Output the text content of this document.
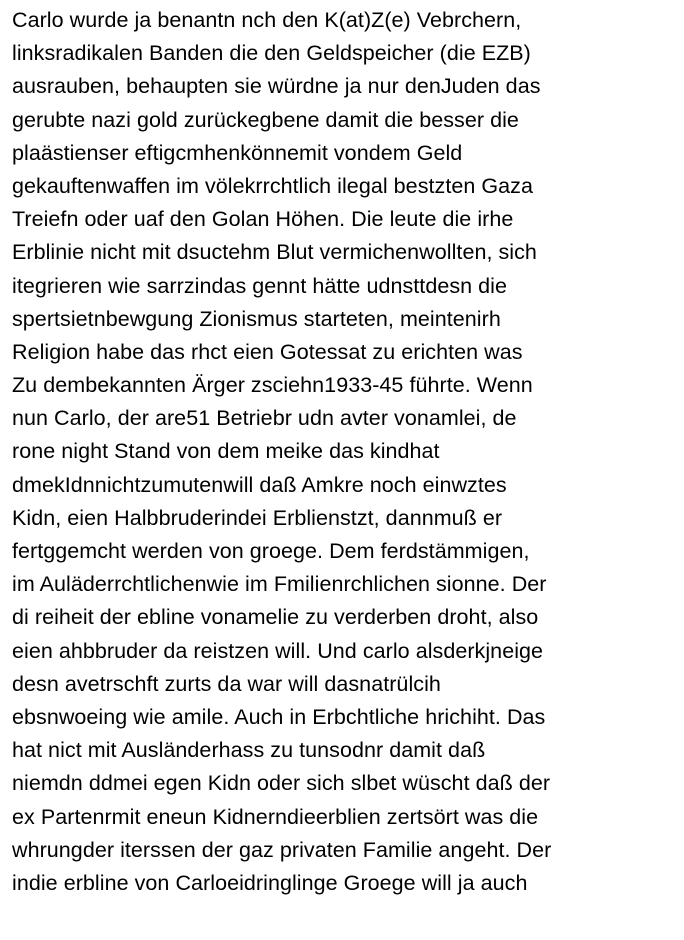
Carlo wurde ja benantn nch den K(at)Z(e) Vebrchern,
linksradikalen Banden die den Geldspeicher (die EZB)
ausrauben, behaupten sie würdne ja nur denJuden das
gerubte nazi gold zurückegbene damit die besser die
plaästienser eftigcmhenkönnemit vondem Geld
gekauftenwaffen im völekrrchtlich ilegal bestzten Gaza
Treiefn oder uaf den Golan Höhen. Die leute die irhe
Erblinie nicht mit dsuctehm Blut vermichenwollten, sich
itegrieren wie sarrzindas gennt hätte udnsttdesn die
spertsietnbewgung Zionismus starteten, meintenirh
Religion habe das rhct eien Gotessat zu erichten was
Zu dembekannten Ärger zsciehn1933-45 führte. Wenn
nun Carlo, der are51 Betriebr udn avter vonamlei, de
rone night Stand von dem meike das kindhat
dmekIdnnichtzumutenwill daß Amkre noch einwztes
Kidn, eien Halbbruderindei Erblienstzt, dannmuß er
fertggemcht werden von groege. Dem ferdstämmigen,
im Auläderrchtlichenwie im Fmilienrchlichen sionne. Der
di reiheit der ebline vonamelie zu verderben droht, also
eien ahbbruder da reistzen will. Und carlo alsderkjneige
desn avetrschft zurts da war will dasnatrülcih
ebsnwoeing wie amile. Auch in Erbchtliche hrichiht. Das
hat nict mit Ausländerhass zu tunsodnr damit daß
niemdn ddmei egen Kidn oder sich slbet wüscht daß der
ex Partenrmit eneun Kidnerndieerblien zertsört was die
whrungder iterssen der gaz privaten Familie angeht. Der
indie erbline von Carloeidringlinge Groege will ja auch
